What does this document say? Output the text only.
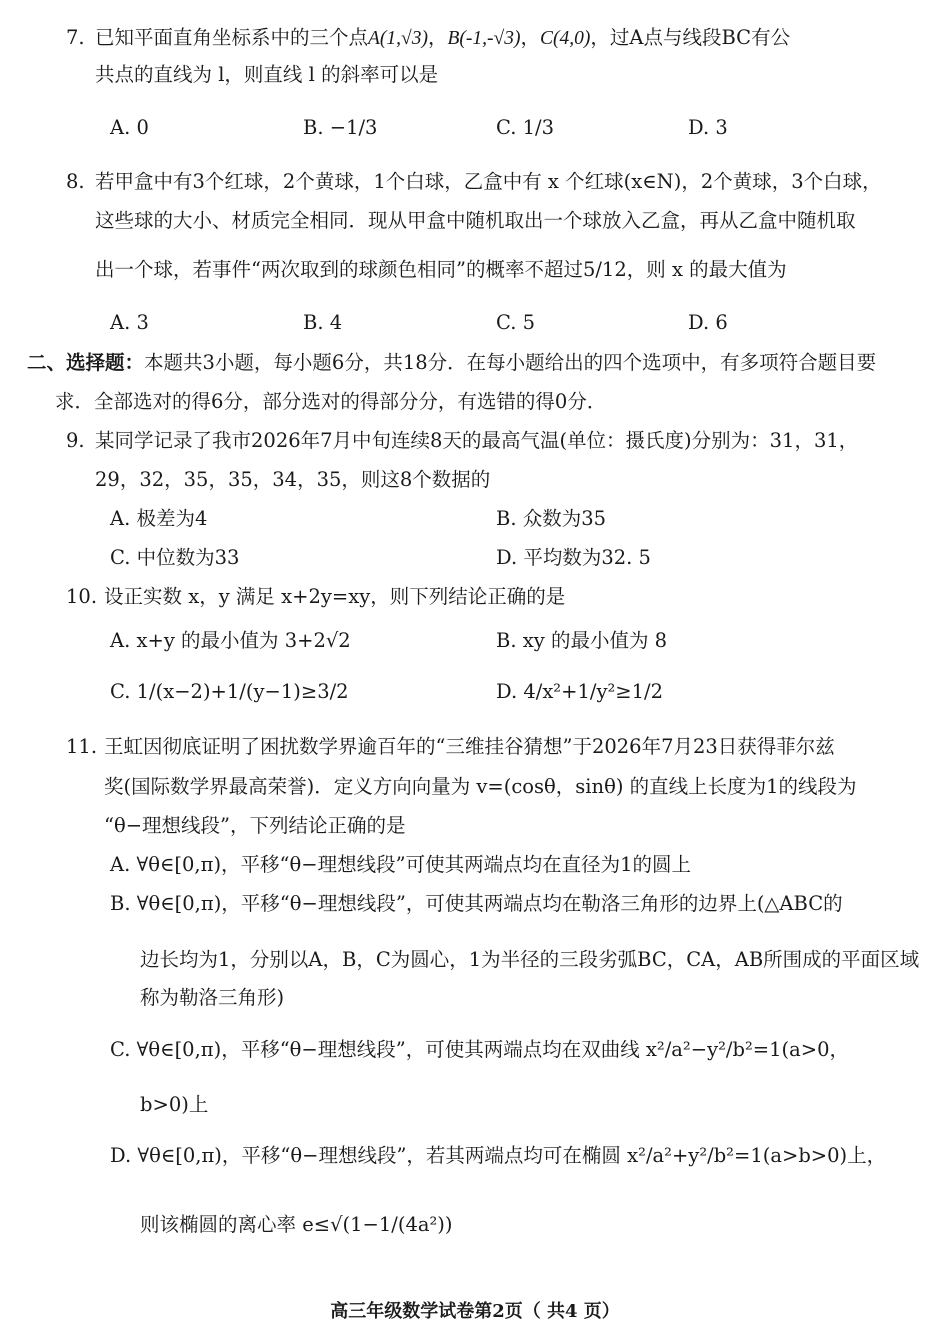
7. 已知平面直角坐标系中的三个点A(1,√3)，B(-1,-√3)，C(4,0)，过A点与线段BC有公
共点的直线为 l，则直线 l 的斜率可以是
A. 0	B. −1/3	C. 1/3	D. 3
8. 若甲盒中有3个红球，2个黄球，1个白球，乙盒中有 x 个红球(x∈N)，2个黄球，3个白球，
这些球的大小、材质完全相同．现从甲盒中随机取出一个球放入乙盒，再从乙盒中随机取
出一个球，若事件“两次取到的球颜色相同”的概率不超过5/12，则 x 的最大值为
A. 3	B. 4	C. 5	D. 6
二、选择题：本题共3小题，每小题6分，共18分．在每小题给出的四个选项中，有多项符合题目要
求．全部选对的得6分，部分选对的得部分分，有选错的得0分．
9. 某同学记录了我市2026年7月中旬连续8天的最高气温(单位：摄氏度)分别为：31，31，
29，32，35，35，34，35，则这8个数据的
A. 极差为4	B. 众数为35
C. 中位数为33	D. 平均数为32. 5
10. 设正实数 x，y 满足 x+2y=xy，则下列结论正确的是
A. x+y 的最小值为 3+2√2	B. xy 的最小值为 8
C. 1/(x−2)+1/(y−1)≥3/2	D. 4/x²+1/y²≥1/2
11. 王虹因彻底证明了困扰数学界逾百年的“三维挂谷猜想”于2026年7月23日获得菲尔兹
奖(国际数学界最高荣誉)．定义方向向量为 v=(cosθ，sinθ) 的直线上长度为1的线段为
“θ−理想线段”，下列结论正确的是
A. ∀θ∈[0,π)，平移“θ−理想线段”可使其两端点均在直径为1的圆上
B. ∀θ∈[0,π)，平移“θ−理想线段”，可使其两端点均在勒洛三角形的边界上(△ABC的
边长均为1，分别以A，B，C为圆心，1为半径的三段劣弧BC，CA，AB所围成的平面区域
称为勒洛三角形)
C. ∀θ∈[0,π)，平移“θ−理想线段”，可使其两端点均在双曲线 x²/a²−y²/b²=1(a>0，
b>0)上
D. ∀θ∈[0,π)，平移“θ−理想线段”，若其两端点均可在椭圆 x²/a²+y²/b²=1(a>b>0)上，
则该椭圆的离心率 e≤√(1−1/(4a²))
高三年级数学试卷第2页（ 共4 页）
